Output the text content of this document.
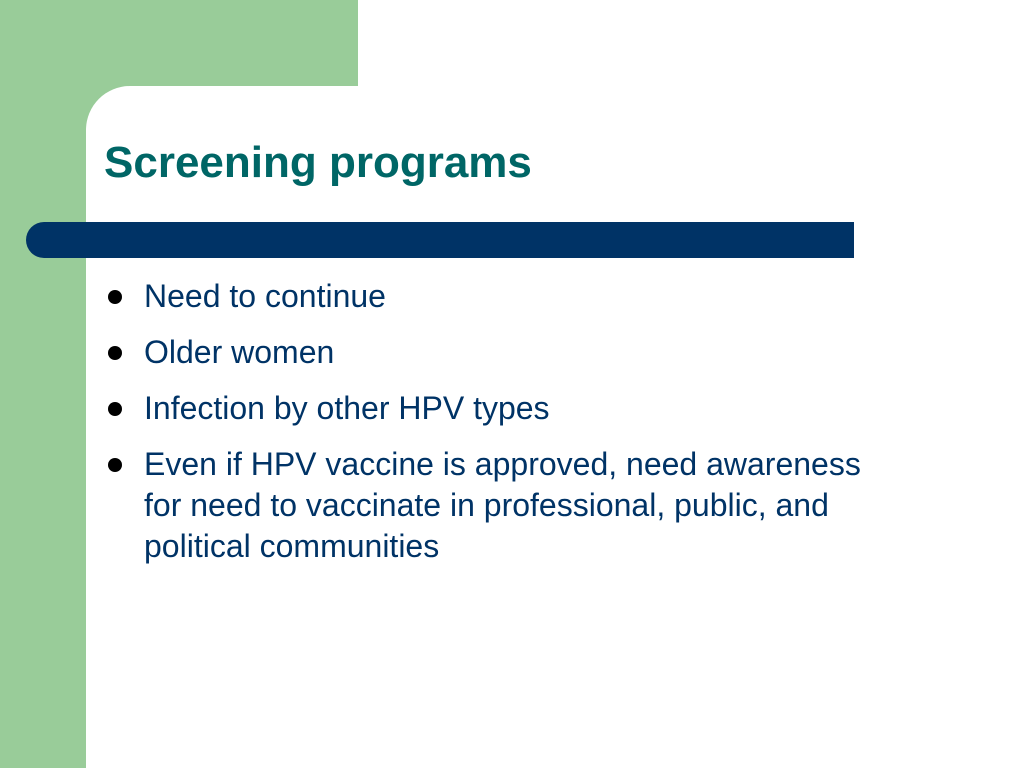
Screening programs
Need to continue
Older women
Infection by other HPV types
Even if HPV vaccine is approved, need awareness for need to vaccinate in professional, public, and political communities
